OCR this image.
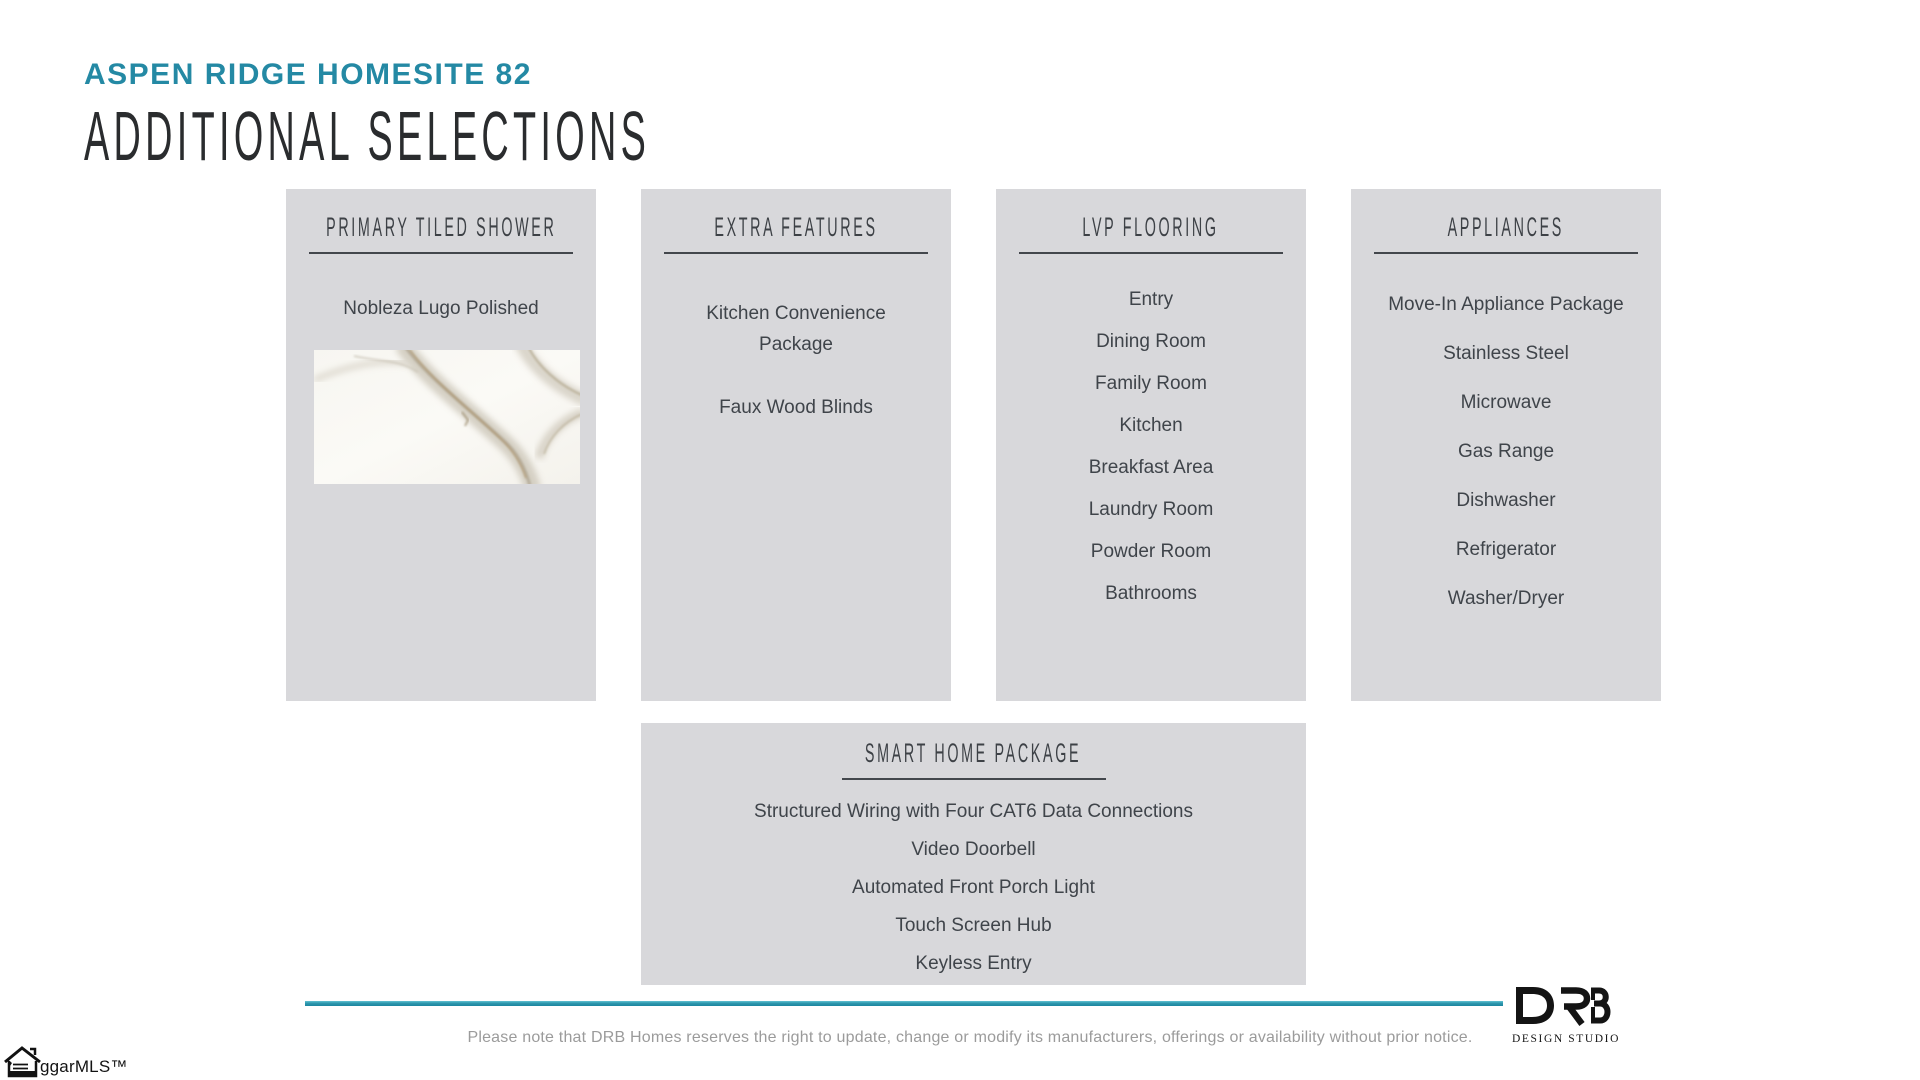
ASPEN RIDGE HOMESITE 82
ADDITIONAL SELECTIONS
PRIMARY TILED SHOWER
Nobleza Lugo Polished
EXTRA FEATURES
Kitchen Convenience Package
Faux Wood Blinds
LVP FLOORING
Entry
Dining Room
Family Room
Kitchen
Breakfast Area
Laundry Room
Powder Room
Bathrooms
APPLIANCES
Move-In Appliance Package
Stainless Steel
Microwave
Gas Range
Dishwasher
Refrigerator
Washer/Dryer
SMART HOME PACKAGE
Structured Wiring with Four CAT6 Data Connections
Video Doorbell
Automated Front Porch Light
Touch Screen Hub
Keyless Entry
Please note that DRB Homes reserves the right to update, change or modify its manufacturers, offerings or availability without prior notice.	DESIGN STUDIO
ggarMLS™
